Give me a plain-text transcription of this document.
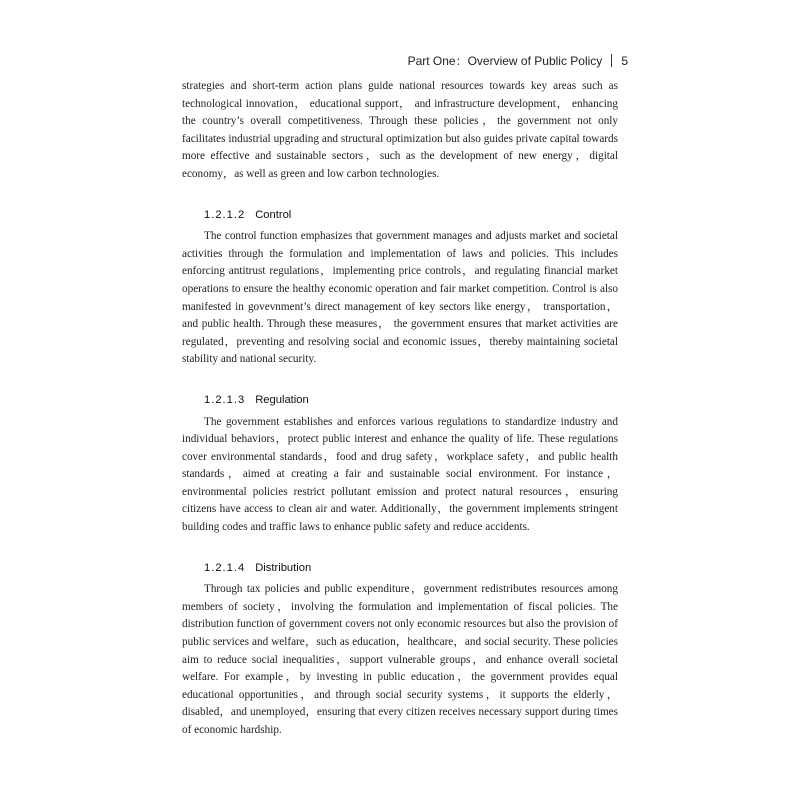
Part One：Overview of Public Policy 5

strategies and short-term action plans guide national resources towards key areas such as technological innovation， educational support， and infrastructure development， enhancing the country’s overall competitiveness. Through these policies，the government not only facilitates industrial upgrading and structural optimization but also guides private capital towards more effective and sustainable sectors，such as the development of new energy，digital economy，as well as green and low carbon technologies.

1.2.1.2 Control

The control function emphasizes that government manages and adjusts market and societal activities through the formulation and implementation of laws and policies. This includes enforcing antitrust regulations，implementing price controls，and regulating financial market operations to ensure the healthy economic operation and fair market competition. Control is also manifested in govevnment’s direct management of key sectors like energy， transportation， and public health. Through these measures， the government ensures that market activities are regulated，preventing and resolving social and economic issues，thereby maintaining societal stability and national security.

1.2.1.3 Regulation

The government establishes and enforces various regulations to standardize industry and individual behaviors，protect public interest and enhance the quality of life. These regulations cover environmental standards，food and drug safety，workplace safety，and public health standards，aimed at creating a fair and sustainable social environment. For instance，environmental policies restrict pollutant emission and protect natural resources，ensuring citizens have access to clean air and water. Additionally，the government implements stringent building codes and traffic laws to enhance public safety and reduce accidents.

1.2.1.4 Distribution

Through tax policies and public expenditure，government redistributes resources among members of society，involving the formulation and implementation of fiscal policies. The distribution function of government covers not only economic resources but also the provision of public services and welfare，such as education，healthcare，and social security. These policies aim to reduce social inequalities，support vulnerable groups，and enhance overall societal welfare. For example，by investing in public education，the government provides equal educational opportunities，and through social security systems，it supports the elderly，disabled，and unemployed，ensuring that every citizen receives necessary support during times of economic hardship.
